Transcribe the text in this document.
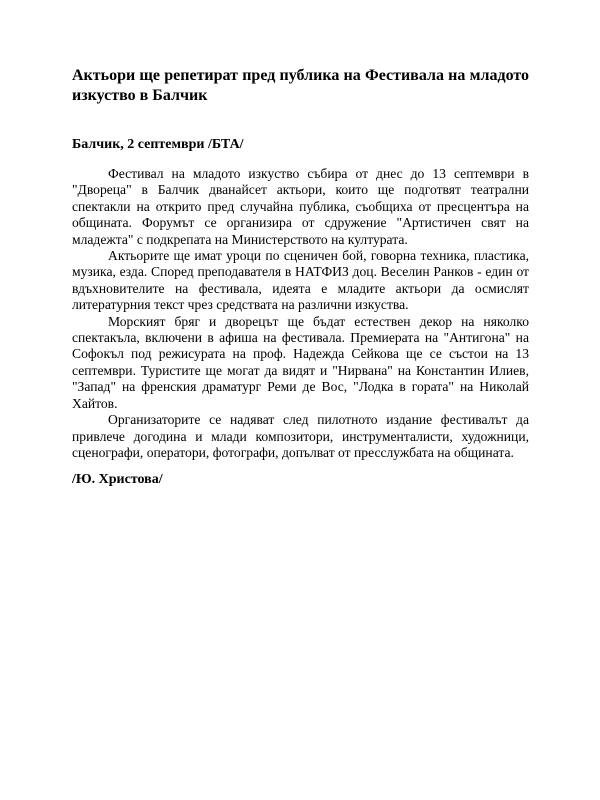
Актьори ще репетират пред публика на Фестивала на младото изкуство в Балчик

Балчик, 2 септември /БТА/

Фестивал на младото изкуство събира от днес до 13 септември в "Двореца" в Балчик дванайсет актьори, които ще подготвят театрални спектакли на открито пред случайна публика, съобщиха от пресцентъра на общината. Форумът се организира от сдружение "Артистичен свят на младежта" с подкрепата на Министерството на културата.

Актьорите ще имат уроци по сценичен бой, говорна техника, пластика, музика, езда. Според преподавателя в НАТФИЗ доц. Веселин Ранков - един от вдъхновителите на фестивала, идеята е младите актьори да осмислят литературния текст чрез средствата на различни изкуства.

Морският бряг и дворецът ще бъдат естествен декор на няколко спектакъла, включени в афиша на фестивала. Премиерата на "Антигона" на Софокъл под режисурата на проф. Надежда Сейкова ще се състои на 13 септември. Туристите ще могат да видят и "Нирвана" на Константин Илиев, "Запад" на френския драматург Реми де Вос, "Лодка в гората" на Николай Хайтов.

Организаторите се надяват след пилотното издание фестивалът да привлече догодина и млади композитори, инструменталисти, художници, сценографи, оператори, фотографи, допълват от пресслужбата на общината.

/Ю. Христова/
